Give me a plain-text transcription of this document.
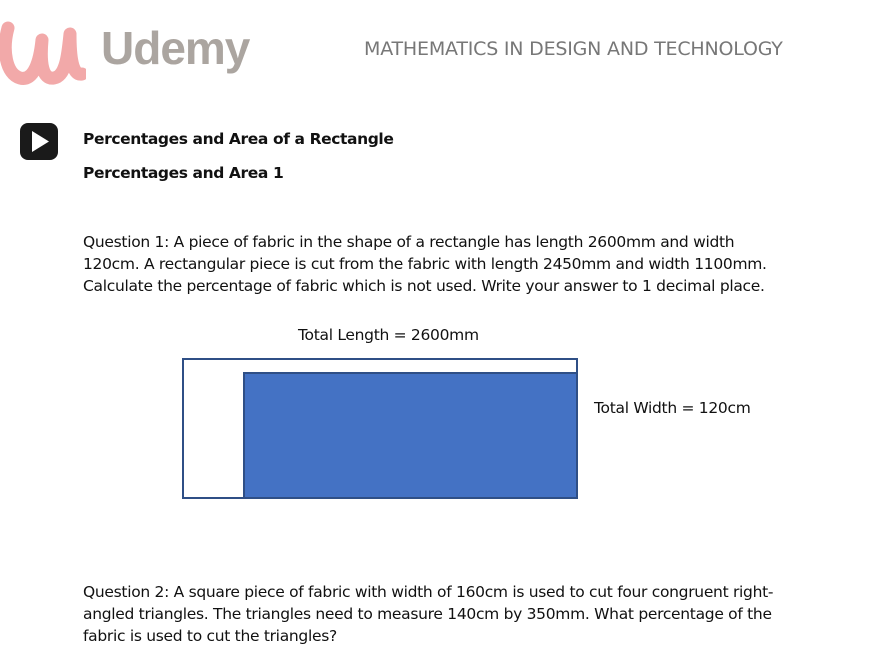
Udemy	MATHEMATICS IN DESIGN AND TECHNOLOGY
Percentages and Area of a Rectangle
Percentages and Area 1
Question 1: A piece of fabric in the shape of a rectangle has length 2600mm and width
120cm. A rectangular piece is cut from the fabric with length 2450mm and width 1100mm.
Calculate the percentage of fabric which is not used. Write your answer to 1 decimal place.
Total Length = 2600mm
Total Width = 120cm
Question 2: A square piece of fabric with width of 160cm is used to cut four congruent right-
angled triangles. The triangles need to measure 140cm by 350mm. What percentage of the
fabric is used to cut the triangles?
